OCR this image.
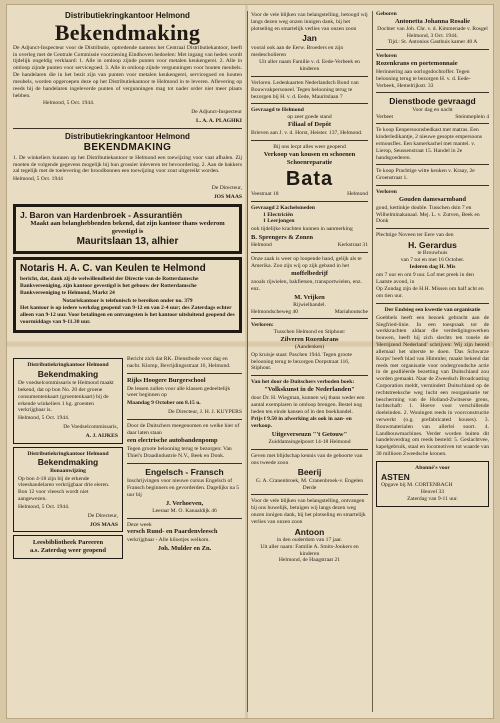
Distributiekringkantoor Helmond
Bekendmaking

De Adjunct-Inspecteur voor de Distributie, optredende namens het Centraal Distributiekantoor, heeft in overleg met de Centrale Commissie voorziening Eindhoven bedoelen: Met ingang van heden wordt tijdelijk ongeldig verklaard: 1. Alle in omloop zijnde punten voor metalen keukengerei. 2. Alle in omloop zijnde punten voor servicegoed. 3. Alle in omloop zijnde vergunningen voor houten meubels. De handelaren die in het bezit zijn van punten voor metalen keukengerei, servicegoed en houten meubels, worden opgeroepen deze op het Distributiekantoor te Helmond in te leveren. Aflevering op reeds bij de handelaren ingeleverde punten of vergunningen mag tot nader order niet meer plaats hebben.

Helmond, 5 Oct. 1944.

De Adjunct-Inspecteur
L. A. A. PLAGHKI
Distributiekringkantoor Helmond
BEKENDMAKING

1. De winkeliers kunnen op het Distributiekantoor te Helmond een toewijzing voor vaat afhalen. Zij moeten de volgende gegevens mogelijk bij hun grossier inleveren ter bevoordering. 2. Aan de bakkers zal tegelijk met de toelevering der broodbonnen een toewijzing voor zout uitgereikt worden.

Helmond, 5 Oct. 1944

De Directeur,
JOS MAAS
J. Baron van Hardenbroek - Assurantiën
Maakt aan belanghebbenden bekend, dat zijn kantoor thans wederom gevestigd is
Mauritslaan 13, alhier
Notaris H. A. C. van Keulen te Helmond

bericht, dat, dank zij de welwillendheid der Directie van de Rotterdamsche Bankvereeniging, zijn kantoor gevestigd is het gebouw der Rotterdamsche Bankvereeniging te Helmond, Markt 24

Notariskantoor is telefonisch te bereiken onder no. 379

Het kantoor is op iedere werkdag geopend van 9-12 en van 2-4 uur; des Zaterdags echter alleen van 9-12 uur. Voor betalingen en ontvangsten is het kantoor uitsluitend geopend des voormiddags van 9-11.30 uur.

Distributiekringkantoor Helmond
Bekendmaking

De voedselcommissaris te Helmond maakt bekend, dat op bon No. 20 der groene consumentenkaart (groentenkaart) bij de erkende winkeliers 1 kg. groenten verkrijgbaar is.

Helmond, 5 Oct. 1944.

De Voedselcommissaris,
A. J. AIJKES
Distributiekringkantoor Helmond
Bekendmaking
Bonaanwijzing

Op bon 4-18 zijn bij de erkende vleeshandelaren verkrijgbaar drie eieren. Bon 12 voor vleesch wordt niet aangewezen.

Helmond, 5 Oct. 1944.

De Directeur,
JOS MAAS
Leesbibliotheek Pareeren
a.s. Zaterdag weer geopend

Bericht zich dat RK. Dienstbode voor dag en nacht. Klomp, Bevrijdingsstraat 16, Helmond.

Rijks Hoogere Burgerschool

De lessen zullen voor alle klassen gedeeltelijk weer beginnen op

Maandag 9 October om 8.15 u.

De Directeur, J. H. J. KUYPERS

Door de Duitschers meegenomen en welke hier of daar laten staan

een electrische autobandenpomp

Tegen groote belooning terug te bezorgen: Van Thiel's Draadindustrie N.V., Beek en Donk.

Engelsch - Fransch

Inschrijvingen voor nieuwe cursus Engelsch of Fransch beginners en gevorderden. Dagelijks na 5 uur bij

J. Verhoeven,
Leeraar M. O. Kanaaldijk 46
Deze week
versch Rund- en Paardenvleesch

verkrijgbaar - Alle kilootjes welkom.

Joh. Mulder en Zn.

Voor de vele blijken van belangstelling, betoogd wij langs dezen weg onzen innigen dank, bij het plotseling en smartelijk verlies van onzen zoon

Jan

vooral ook aan de Eerw. Broeders en zijn medescholieren

Uit aller naam Familie v. d. Eede-Verbeek en kinderen

Verloren. Ledenkaarten Nederlandsch Bond van Bouwvakpersoneel. Tegen belooning terug te bezorgen bij H. v. d. Eede, Mauritslaan 7

Gevraagd te Helmond
op zeer goede stand
Filiaal of Depôt

Brieven aan J. v. d. Horst, Heister. 137, Helmond.

Bij ons lecpt alles weer geopend
Verkoop van kousen en schoenen
Schoenreparatie
Bata
Veestraat 18	Helmond
Gevraagd 2 Kachelsmeden
1 Electriciën
1 Leerjongen

ook tijdelijke krachten kunnen in aanmerking

B. Sprengers & Zonen
Helmond	Kerkstraat 31

Onze zaak is weer op loopende hand, gelijk als te Amerika. Zoo zijn wij op zijk geband in het

moffelbedrijf

zooals rijwielen, bakfietsen, transportwielen, enz. enz.

M. Vrijken
Rijwielhandel.
Helmondscheweg 40	Mariahoutsche
Verloren:
Tusschen Helmond en Stiphout:
Zilveren Rozenkrans
(Aandenken)

Op kruisje staat: Paschen 1944. Tegen groote belooning terug te bezorgen Dorpstraat 116, Stiphout.

Van het door de Duitschers verboden boek:
"Volkskunst in de Nederlanden"

door Dr. H. Wiegman, kunnen wij thans weder een aantal exemplaren in omloop brengen. Bestel nog heden ten einde kansen of in den boekhandel.

Prijs f 9.50 in afwerking als ook in aan- en verkoop.

Uitgeverseuzn "'t Getouw"
Zuiddamsingelpoort 14-18 Helmond

Geven met blijdschap kennis van de geboorte van ons tweede zoon

Beerij
G. A. Cranenbroek, M. Cranenbroek-v. Engelen
Derde

Voor de vele blijken van belangstelling, ontvangen bij ons huwelijk, betuigen wij langs dezen weg onzen innigen dank, bij het plotseling en smartelijk verlies van onzen zoon

Antoon
in den ouderdom van 17 jaar.
Uit aller naam: Familie A. Smits-Jonkers en kinderen
Helmond, de Haagstraat 21
Geboren
Antonetta Johanna Rosalie
Dochter van Joh. Chr. v. d. Kimmenade v. Rosgel
Helmond, 3 Oct. 1944.
Tijd.: St. Antonius Gasthuis kamer 40 A
Verloren
Rozenkrans en portemonnaie

Herinnering aan oorlogsdochtoffer. Tegen belooning terug te bezorgen H. v. d. Eede-Verbeek, Hemelrijkstr. 33

Dienstbode gevraagd
Voor dag en nacht
Verbeet	Steinmeplein 4

Te koop Eenpersoonsbedkast met matras. Een kinderledikantje, 2 nieuwe gesopte empersoons ermousfles. Een kamerkachel met mantel. v. Lierop, Seussenstraat 15. Handel in 2e handsgoederen.

Te koop Prachtige witte keuken v. Kraay, 2e Groenstraat 1.

Verloren
Gouden damesarmband

goud, kettinkje double. Tusschen dsin 7 en Wilhelminakanaal. Mej. L. v. Zutven, Beek en Donk

Plechtige Noveen ter Eere van den

H. Gerardus
te Brouwhuis
van 7 tot en met 16 October.
Iederen dag H. Mis

om 7 uur en om 9 uur. Lof met preek in den Laatste avond, in

Op Zondag zijn de H.H. Missen om half acht en om tien uur.

Der Endsieg een kwestie van organisatie

Goebbels heeft een bezoek gebracht aan de Siegfried-linie. In een toespraak tot de werkkrachten aldaar die verdedigingswerken bouwen, heeft hij zich slechts ten tonele de 'Herrijzend Nederland' schrijven: Wij zijn bereid allemaal het uiterste te doen. 'Das Schwarze Korps' heeft blad van Himmler, maakt bekend dat reeds met organisatie voor ondergrondsche actie in de gealliëerde bezetting van Duitschland zou worden gemaakt. Naar de Zweedsch Broadcasting Corporation meldt, vermindert Duitschland op de rechtstreeksche weg lucht een reorganisatie ter bescherming van de Holland-Zwitserse grens, luchtschaft: 1. Hoeve voor verschillende doeleinden. 2. Woningen reeds in voorconstructie verwerkt (o.g. prefabricated houses). 3. Bouwmaterialen van allerlei soort. 4. Landbouwmachines. Verder worden buiten dit handelsverdrag om reeds besteld: 5. Geslachtvee, kapelgebruik, staal en locomotiven tot waarde van 30 millioen Zweedsche kronen.

Abonné's voor
ASTEN
Opgave bij M. CORTENBACH
Heuvel 33
Zaterdag van 9-11 uur.
